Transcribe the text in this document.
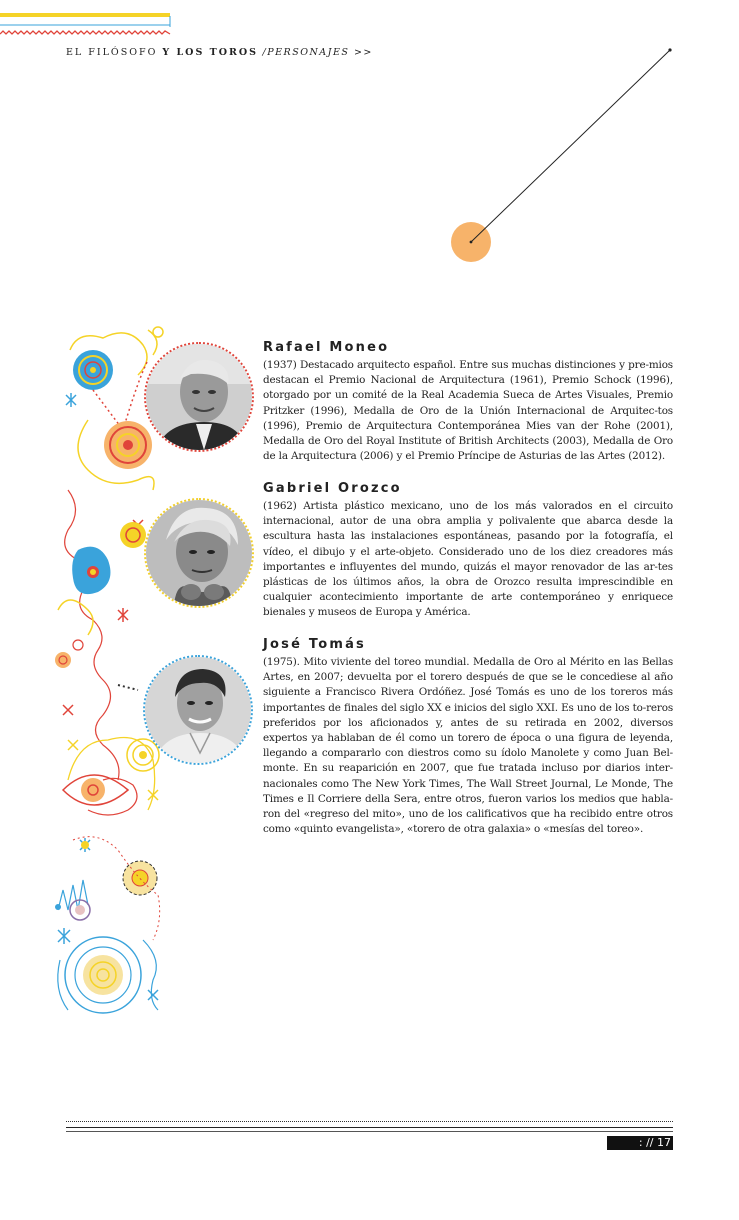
EL FILÓSOFO Y LOS TOROS /PERSONAJES >>
Rafael Moneo

(1937) Destacado arquitecto español. Entre sus muchas distinciones y pre-mios destacan el Premio Nacional de Arquitectura (1961), Premio Schock (1996), otorgado por un comité de la Real Academia Sueca de Artes Visuales, Premio Pritzker (1996), Medalla de Oro de la Unión Internacional de Arquitec-tos (1996), Premio de Arquitectura Contemporánea Mies van der Rohe (2001), Medalla de Oro del Royal Institute of British Architects (2003), Medalla de Oro de la Arquitectura (2006) y el Premio Príncipe de Asturias de las Artes (2012).

Gabriel Orozco

(1962) Artista plástico mexicano, uno de los más valorados en el circuito internacional, autor de una obra amplia y polivalente que abarca desde la escultura hasta las instalaciones espontáneas, pasando por la fotografía, el vídeo, el dibujo y el arte-objeto. Considerado uno de los diez creadores más importantes e influyentes del mundo, quizás el mayor renovador de las ar-tes plásticas de los últimos años, la obra de Orozco resulta imprescindible en cualquier acontecimiento importante de arte contemporáneo y enriquece bienales y museos de Europa y América.

José Tomás

(1975). Mito viviente del toreo mundial. Medalla de Oro al Mérito en las Bellas Artes, en 2007; devuelta por el torero después de que se le concediese al año siguiente a Francisco Rivera Ordóñez. José Tomás es uno de los toreros más importantes de finales del siglo XX e inicios del siglo XXI. Es uno de los to-reros preferidos por los aficionados y, antes de su retirada en 2002, diversos expertos ya hablaban de él como un torero de época o una figura de leyenda, llegando a compararlo con diestros como su ídolo Manolete y como Juan Bel-monte. En su reaparición en 2007, que fue tratada incluso por diarios inter-nacionales como The New York Times, The Wall Street Journal, Le Monde, The Times e Il Corriere della Sera, entre otros, fueron varios los medios que habla-ron del «regreso del mito», uno de los calificativos que ha recibido entre otros como «quinto evangelista», «torero de otra galaxia» o «mesías del toreo».

: // 17
